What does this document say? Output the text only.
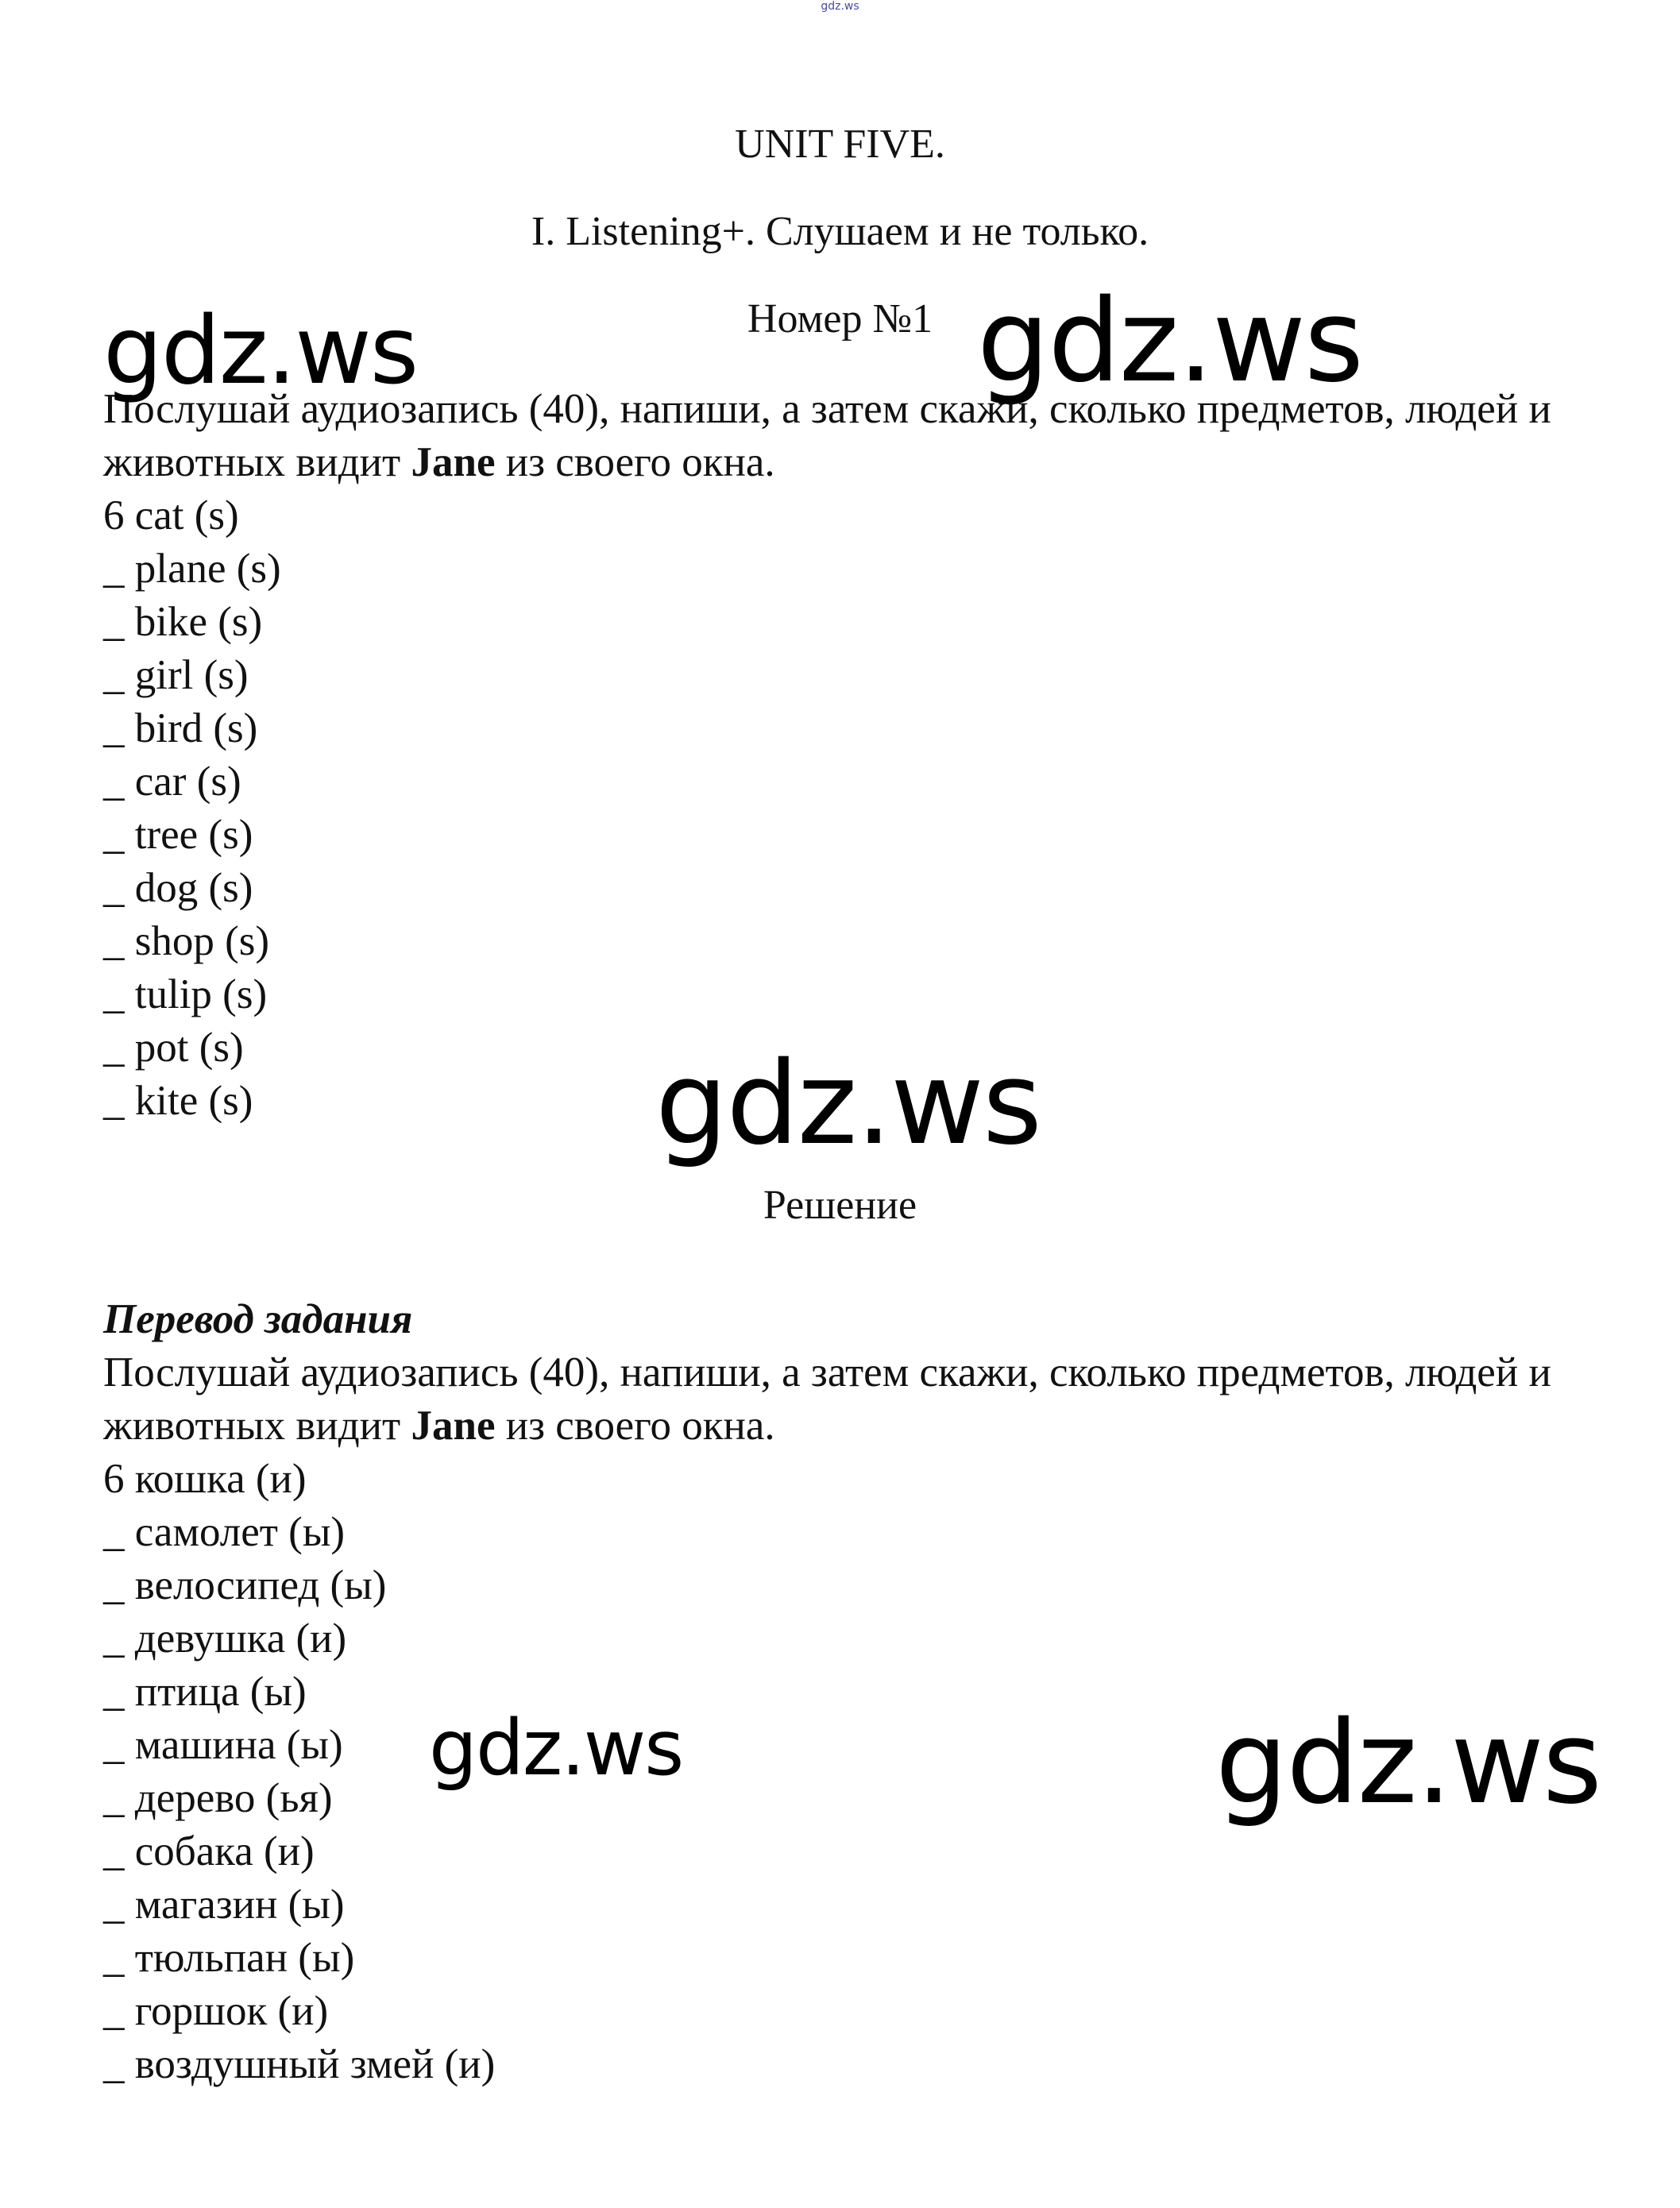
gdz.ws
UNIT FIVE.
I. Listening+. Слушаем и не только.
Номер №1

Послушай аудиозапись (40), напиши, а затем скажи, сколько предметов, людей и животных видит Jane из своего окна.

6 cat (s)
_ plane (s)
_ bike (s)
_ girl (s)
_ bird (s)
_ car (s)
_ tree (s)
_ dog (s)
_ shop (s)
_ tulip (s)
_ pot (s)
_ kite (s)
Решение

Перевод задания

Послушай аудиозапись (40), напиши, а затем скажи, сколько предметов, людей и животных видит Jane из своего окна.

6 кошка (и)
_ самолет (ы)
_ велосипед (ы)
_ девушка (и)
_ птица (ы)
_ машина (ы)
_ дерево (ья)
_ собака (и)
_ магазин (ы)
_ тюльпан (ы)
_ горшок (и)
_ воздушный змей (и)
gdz.ws	gdz.ws
gdz.ws
gdz.ws	gdz.ws
